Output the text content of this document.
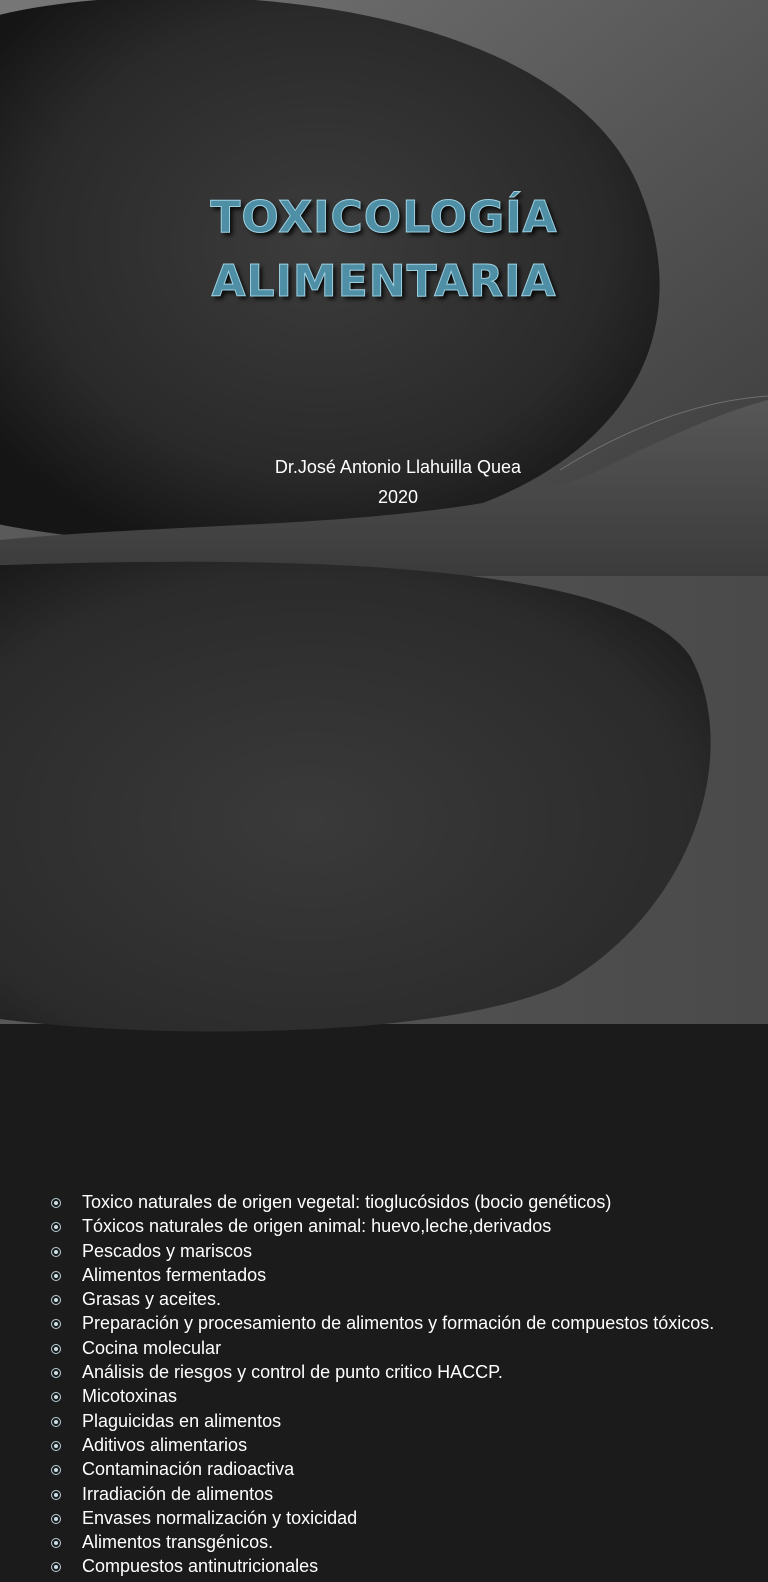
TOXICOLOGÍA
ALIMENTARIA
Dr.José Antonio Llahuilla Quea
2020
Toxico naturales de origen vegetal: tioglucósidos (bocio genéticos)
Tóxicos naturales de origen animal: huevo,leche,derivados
Pescados y mariscos
Alimentos fermentados
Grasas y aceites.
Preparación y procesamiento de alimentos y formación de compuestos tóxicos.
Cocina molecular
Análisis de riesgos y control de punto critico HACCP.
Micotoxinas
Plaguicidas en alimentos
Aditivos alimentarios
Contaminación radioactiva
Irradiación de alimentos
Envases normalización y toxicidad
Alimentos transgénicos.
Compuestos antinutricionales
